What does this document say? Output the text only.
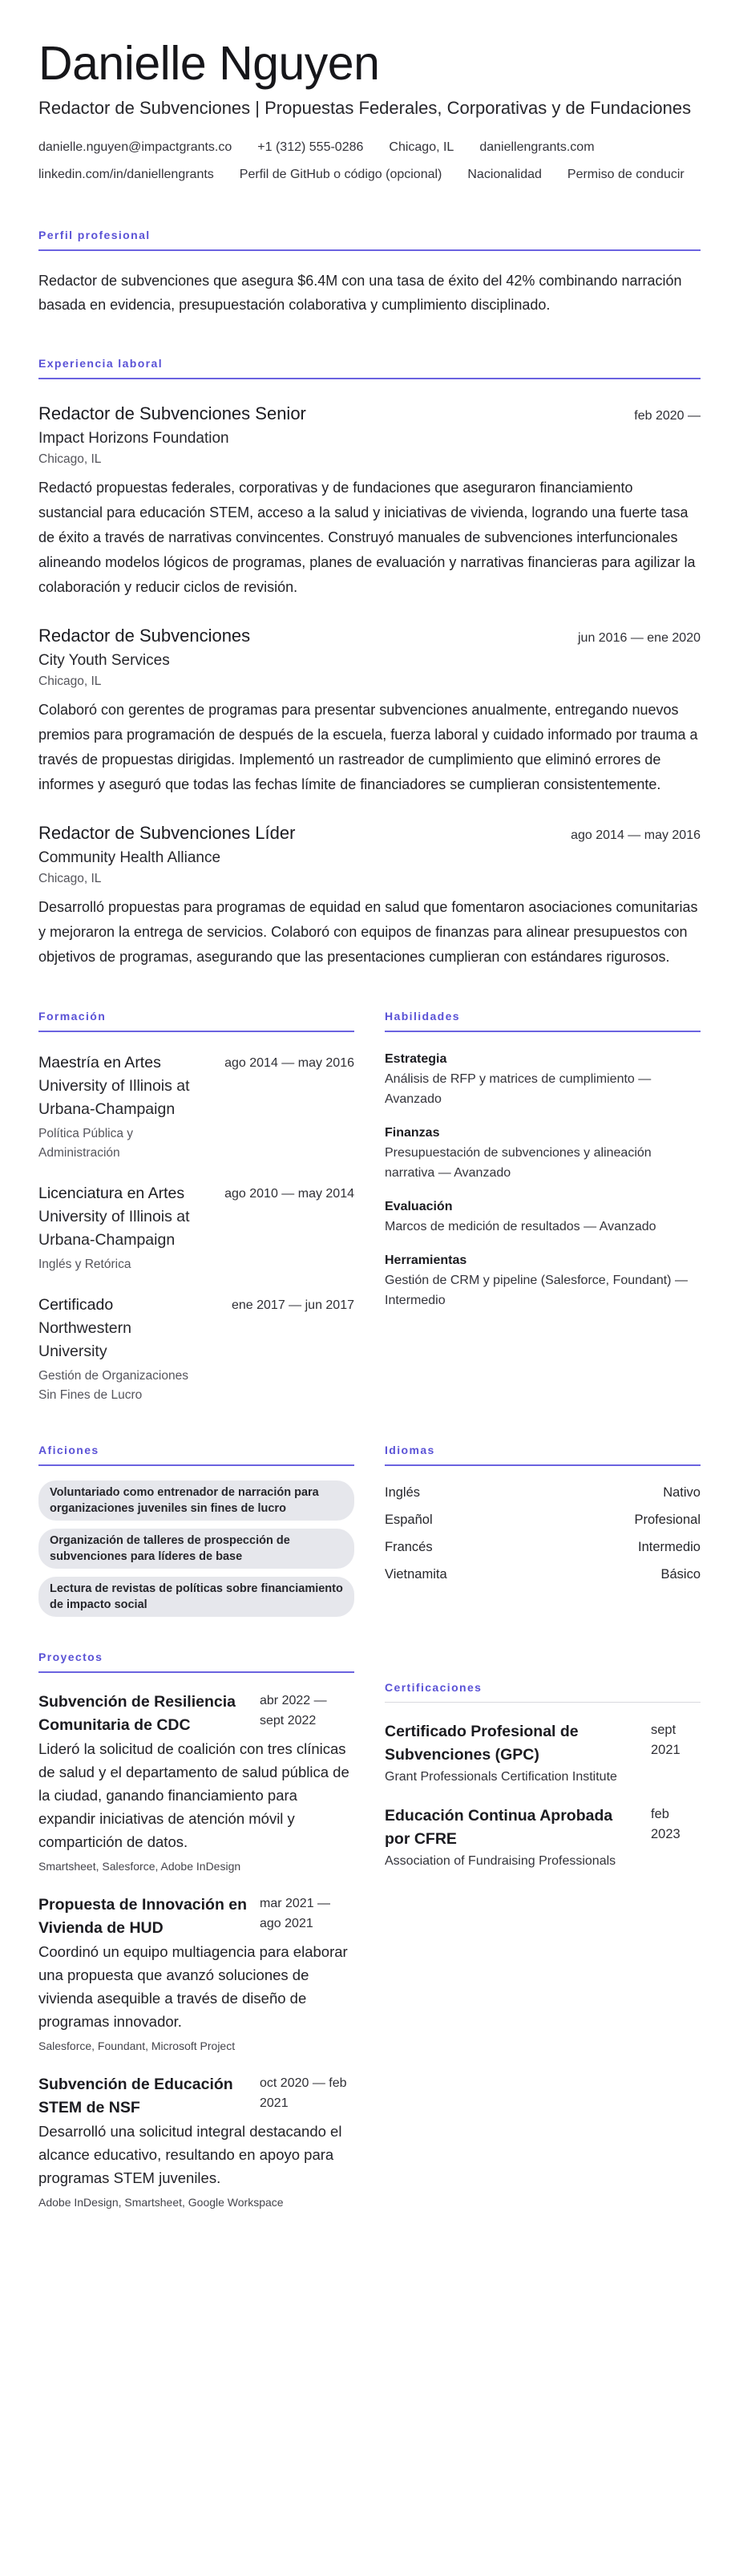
Danielle Nguyen
Redactor de Subvenciones | Propuestas Federales, Corporativas y de Fundaciones
danielle.nguyen@impactgrants.co +1 (312) 555-0286 Chicago, IL daniellengrants.com
linkedin.com/in/daniellengrants Perfil de GitHub o código (opcional) Nacionalidad Permiso de conducir
Perfil profesional
Redactor de subvenciones que asegura $6.4M con una tasa de éxito del 42% combinando narración basada en evidencia, presupuestación colaborativa y cumplimiento disciplinado.
Experiencia laboral
Redactor de Subvenciones Senior	feb 2020 —
Impact Horizons Foundation
Chicago, IL
Redactó propuestas federales, corporativas y de fundaciones que aseguraron financiamiento sustancial para educación STEM, acceso a la salud y iniciativas de vivienda, logrando una fuerte tasa de éxito a través de narrativas convincentes. Construyó manuales de subvenciones interfuncionales alineando modelos lógicos de programas, planes de evaluación y narrativas financieras para agilizar la colaboración y reducir ciclos de revisión.
Redactor de Subvenciones	jun 2016 — ene 2020
City Youth Services
Chicago, IL
Colaboró con gerentes de programas para presentar subvenciones anualmente, entregando nuevos premios para programación de después de la escuela, fuerza laboral y cuidado informado por trauma a través de propuestas dirigidas. Implementó un rastreador de cumplimiento que eliminó errores de informes y aseguró que todas las fechas límite de financiadores se cumplieran consistentemente.
Redactor de Subvenciones Líder	ago 2014 — may 2016
Community Health Alliance
Chicago, IL
Desarrolló propuestas para programas de equidad en salud que fomentaron asociaciones comunitarias y mejoraron la entrega de servicios. Colaboró con equipos de finanzas para alinear presupuestos con objetivos de programas, asegurando que las presentaciones cumplieran con estándares rigurosos.
Formación
Maestría en Artes
University of Illinois at Urbana-Champaign
Política Pública y Administración
ago 2014 — may 2016
Licenciatura en Artes
University of Illinois at Urbana-Champaign
Inglés y Retórica
ago 2010 — may 2014
Certificado
Northwestern University
Gestión de Organizaciones Sin Fines de Lucro
ene 2017 — jun 2017
Habilidades
Estrategia
Análisis de RFP y matrices de cumplimiento — Avanzado
Finanzas
Presupuestación de subvenciones y alineación narrativa — Avanzado
Evaluación
Marcos de medición de resultados — Avanzado
Herramientas
Gestión de CRM y pipeline (Salesforce, Foundant) — Intermedio
Aficiones
Voluntariado como entrenador de narración para organizaciones juveniles sin fines de lucro
Organización de talleres de prospección de subvenciones para líderes de base
Lectura de revistas de políticas sobre financiamiento de impacto social
Idiomas
Inglés	Nativo
Español	Profesional
Francés	Intermedio
Vietnamita	Básico
Proyectos
Subvención de Resiliencia Comunitaria de CDC
abr 2022 — sept 2022
Lideró la solicitud de coalición con tres clínicas de salud y el departamento de salud pública de la ciudad, ganando financiamiento para expandir iniciativas de atención móvil y compartición de datos.
Smartsheet, Salesforce, Adobe InDesign
Propuesta de Innovación en Vivienda de HUD
mar 2021 — ago 2021
Coordinó un equipo multiagencia para elaborar una propuesta que avanzó soluciones de vivienda asequible a través de diseño de programas innovador.
Salesforce, Foundant, Microsoft Project
Subvención de Educación STEM de NSF
oct 2020 — feb 2021
Desarrolló una solicitud integral destacando el alcance educativo, resultando en apoyo para programas STEM juveniles.
Adobe InDesign, Smartsheet, Google Workspace
Certificaciones
Certificado Profesional de Subvenciones (GPC)
Grant Professionals Certification Institute
sept 2021
Educación Continua Aprobada por CFRE
Association of Fundraising Professionals
feb 2023
